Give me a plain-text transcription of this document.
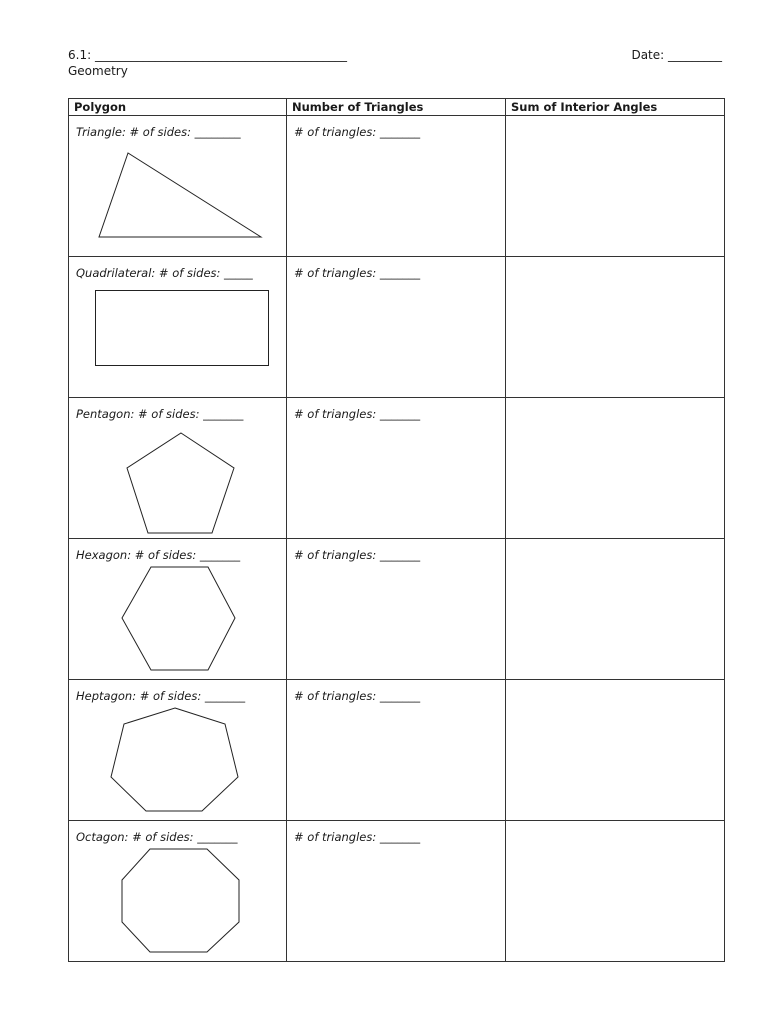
6.1: __________________________________________
Geometry
Date: _________
Polygon	Number of Triangles	Sum of Interior Angles

Triangle: # of sides: ________	# of triangles: _______	

Quadrilateral: # of sides: _____	# of triangles: _______	

Pentagon: # of sides: _______	# of triangles: _______	

Hexagon: # of sides: _______	# of triangles: _______	

Heptagon: # of sides: _______	# of triangles: _______	

Octagon: # of sides: _______	# of triangles: _______	
